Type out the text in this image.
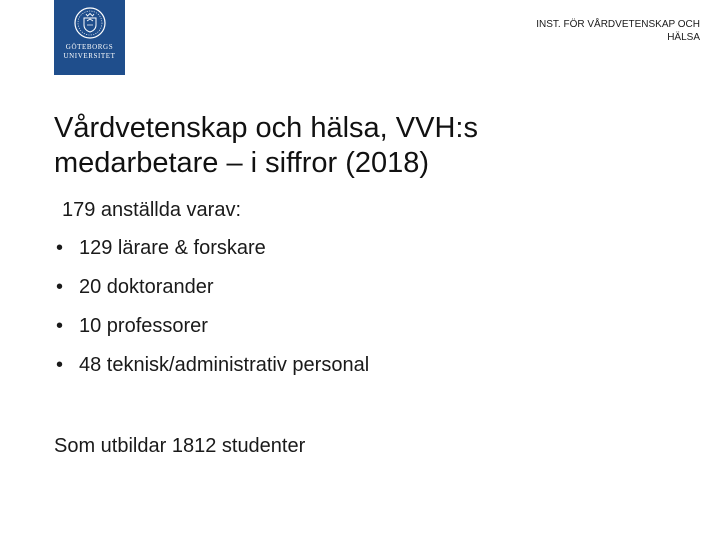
GÖTEBORGS
UNIVERSITET
INST. FÖR VÅRDVETENSKAP OCH
HÄLSA
Vårdvetenskap och hälsa, VVH:s
medarbetare – i siffror (2018)
179 anställda varav:
• 129 lärare & forskare
• 20 doktorander
• 10 professorer
• 48 teknisk/administrativ personal
Som utbildar 1812 studenter
